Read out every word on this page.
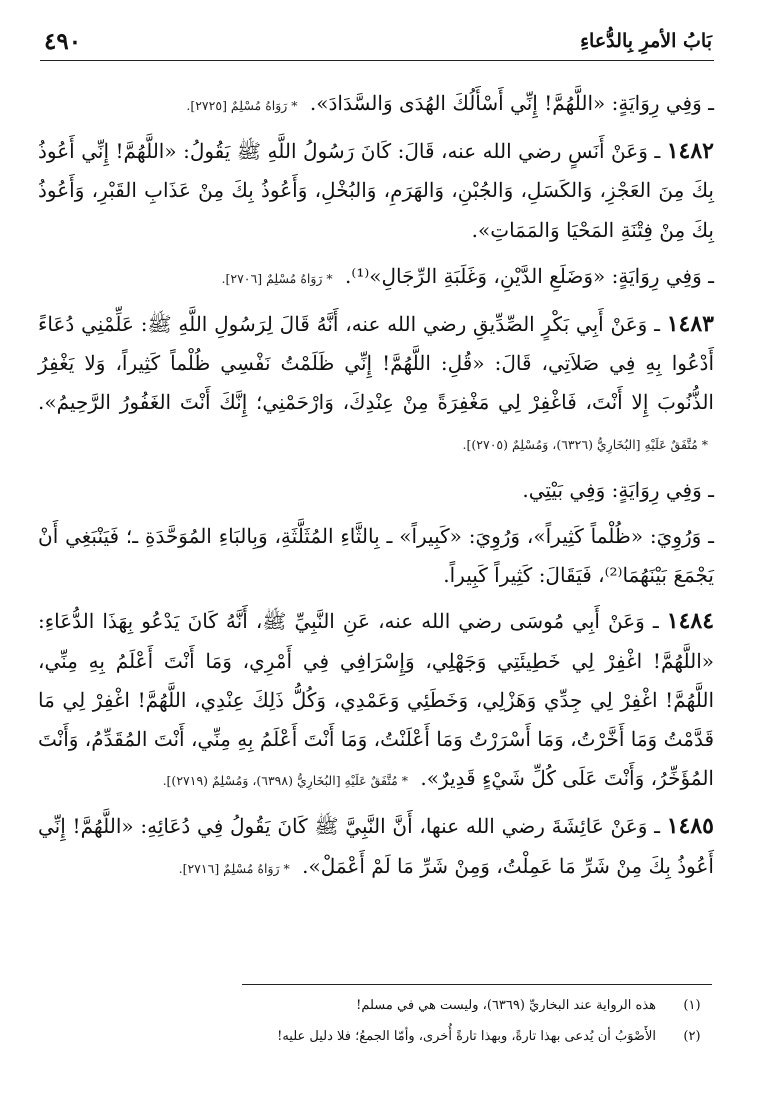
بَابُ الأمرِ بِالدُّعاءِ
٤٩٠

ـ وَفِي رِوَايَةٍ: «اللَّهُمَّ! إِنِّي أَسْأَلُكَ الهُدَى وَالسَّدَادَ». * رَوَاهُ مُسْلِمٌ [٢٧٢٥].

١٤٨٢ ـ وَعَنْ أَنَسٍ رضي الله عنه، قَالَ: كَانَ رَسُولُ اللَّهِ ﷺ يَقُولُ: «اللَّهُمَّ! إِنِّي أَعُوذُ بِكَ مِنَ العَجْزِ، وَالكَسَلِ، وَالجُبْنِ، وَالهَرَمِ، وَالبُخْلِ، وَأَعُوذُ بِكَ مِنْ عَذَابِ القَبْرِ، وَأَعُوذُ بِكَ مِنْ فِتْنَةِ المَحْيَا وَالمَمَاتِ».

ـ وَفِي رِوَايَةٍ: «وَضَلَعِ الدَّيْنِ، وَغَلَبَةِ الرِّجَالِ»⁽¹⁾. * رَوَاهُ مُسْلِمٌ [٢٧٠٦].

١٤٨٣ ـ وَعَنْ أَبِي بَكْرٍ الصِّدِّيقِ رضي الله عنه، أَنَّهُ قَالَ لِرَسُولِ اللَّهِ ﷺ: عَلِّمْنِي دُعَاءً أَدْعُوا بِهِ فِي صَلاَتِي، قَالَ: «قُلِ: اللَّهُمَّ! إِنِّي ظَلَمْتُ نَفْسِي ظُلْماً كَثِيراً، وَلا يَغْفِرُ الذُّنُوبَ إِلا أَنْتَ، فَاغْفِرْ لِي مَغْفِرَةً مِنْ عِنْدِكَ، وَارْحَمْنِي؛ إِنَّكَ أَنْتَ الغَفُورُ الرَّحِيمُ». * مُتَّفَقٌ عَلَيْهِ [البُخَارِيُّ (٦٣٢٦)، وَمُسْلِمٌ (٢٧٠٥)].

ـ وَفِي رِوَايَةٍ: وَفِي بَيْتِي.

ـ وَرُوِيَ: «ظُلْماً كَثِيراً»، وَرُوِيَ: «كَبِيراً» ـ بِالثَّاءِ المُثَلَّثَةِ، وَبِالبَاءِ المُوَحَّدَةِ ـ؛ فَيَنْبَغِي أَنْ يَجْمَعَ بَيْنَهُمَا⁽²⁾، فَيَقَالَ: كَثِيراً كَبِيراً.

١٤٨٤ ـ وَعَنْ أَبِي مُوسَى رضي الله عنه، عَنِ النَّبِيِّ ﷺ، أَنَّهُ كَانَ يَدْعُو بِهَذَا الدُّعَاءِ: «اللَّهُمَّ! اغْفِرْ لِي خَطِيئَتِي وَجَهْلِي، وَإِسْرَافِي فِي أَمْرِي، وَمَا أَنْتَ أَعْلَمُ بِهِ مِنِّي، اللَّهُمَّ! اغْفِرْ لِي جِدِّي وَهَزْلِي، وَخَطَئِي وَعَمْدِي، وَكُلُّ ذَلِكَ عِنْدِي، اللَّهُمَّ! اغْفِرْ لِي مَا قَدَّمْتُ وَمَا أَخَّرْتُ، وَمَا أَسْرَرْتُ وَمَا أَعْلَنْتُ، وَمَا أَنْتَ أَعْلَمُ بِهِ مِنِّي، أَنْتَ المُقَدِّمُ، وَأَنْتَ المُؤَخِّرُ، وَأَنْتَ عَلَى كُلِّ شَيْءٍ قَدِيرٌ». * مُتَّفَقٌ عَلَيْهِ [البُخَارِيُّ (٦٣٩٨)، وَمُسْلِمٌ (٢٧١٩)].

١٤٨٥ ـ وَعَنْ عَائِشَةَ رضي الله عنها، أَنَّ النَّبِيَّ ﷺ كَانَ يَقُولُ فِي دُعَائِهِ: «اللَّهُمَّ! إِنِّي أَعُوذُ بِكَ مِنْ شَرِّ مَا عَمِلْتُ، وَمِنْ شَرِّ مَا لَمْ أَعْمَلْ». * رَوَاهُ مُسْلِمٌ [٢٧١٦].

(١)
هذه الرواية عند البخاريِّ (٦٣٦٩)، وليست هي في مسلم!
(٢)
الأَصْوَبُ أن يُدعى بهذا تارةً، وبهذا تارةً أُخرى، وأمّا الجمعُ؛ فلا دليل عليه!
